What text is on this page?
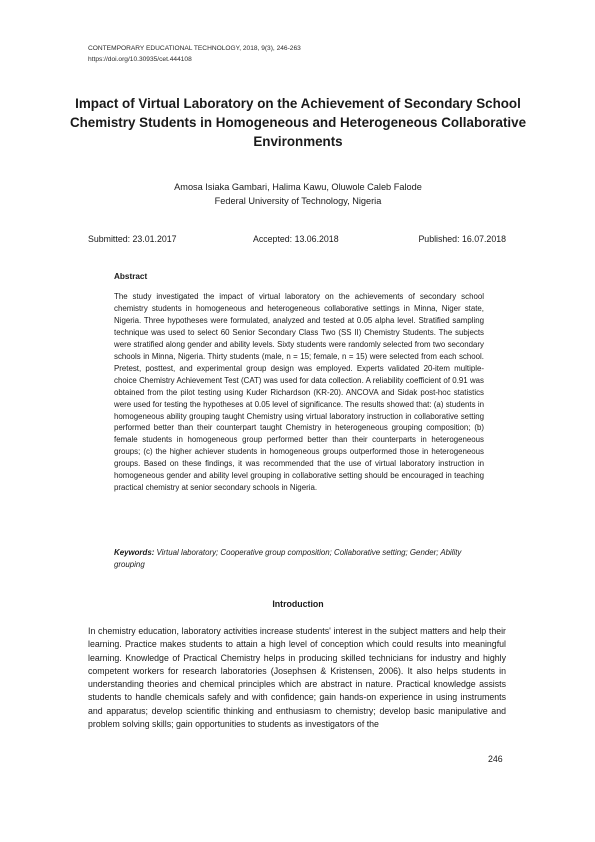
CONTEMPORARY EDUCATIONAL TECHNOLOGY, 2018, 9(3), 246-263
https://doi.org/10.30935/cet.444108
Impact of Virtual Laboratory on the Achievement of Secondary School Chemistry Students in Homogeneous and Heterogeneous Collaborative Environments
Amosa Isiaka Gambari, Halima Kawu, Oluwole Caleb Falode
Federal University of Technology, Nigeria
Submitted: 23.01.2017	Accepted: 13.06.2018	Published: 16.07.2018
Abstract
The study investigated the impact of virtual laboratory on the achievements of secondary school chemistry students in homogeneous and heterogeneous collaborative settings in Minna, Niger state, Nigeria. Three hypotheses were formulated, analyzed and tested at 0.05 alpha level. Stratified sampling technique was used to select 60 Senior Secondary Class Two (SS II) Chemistry Students. The subjects were stratified along gender and ability levels. Sixty students were randomly selected from two secondary schools in Minna, Nigeria. Thirty students (male, n = 15; female, n = 15) were selected from each school. Pretest, posttest, and experimental group design was employed. Experts validated 20-item multiple-choice Chemistry Achievement Test (CAT) was used for data collection. A reliability coefficient of 0.91 was obtained from the pilot testing using Kuder Richardson (KR-20). ANCOVA and Sidak post-hoc statistics were used for testing the hypotheses at 0.05 level of significance. The results showed that: (a) students in homogeneous ability grouping taught Chemistry using virtual laboratory instruction in collaborative setting performed better than their counterpart taught Chemistry in heterogeneous grouping composition; (b) female students in homogeneous group performed better than their counterparts in heterogeneous groups; (c) the higher achiever students in homogeneous groups outperformed those in heterogeneous groups. Based on these findings, it was recommended that the use of virtual laboratory instruction in homogeneous gender and ability level grouping in collaborative setting should be encouraged in teaching practical chemistry at senior secondary schools in Nigeria.
Keywords: Virtual laboratory; Cooperative group composition; Collaborative setting; Gender; Ability grouping
Introduction
In chemistry education, laboratory activities increase students' interest in the subject matters and help their learning. Practice makes students to attain a high level of conception which could results into meaningful learning. Knowledge of Practical Chemistry helps in producing skilled technicians for industry and highly competent workers for research laboratories (Josephsen & Kristensen, 2006). It also helps students in understanding theories and chemical principles which are abstract in nature. Practical knowledge assists students to handle chemicals safely and with confidence; gain hands-on experience in using instruments and apparatus; develop scientific thinking and enthusiasm to chemistry; develop basic manipulative and problem solving skills; gain opportunities to students as investigators of the
246
